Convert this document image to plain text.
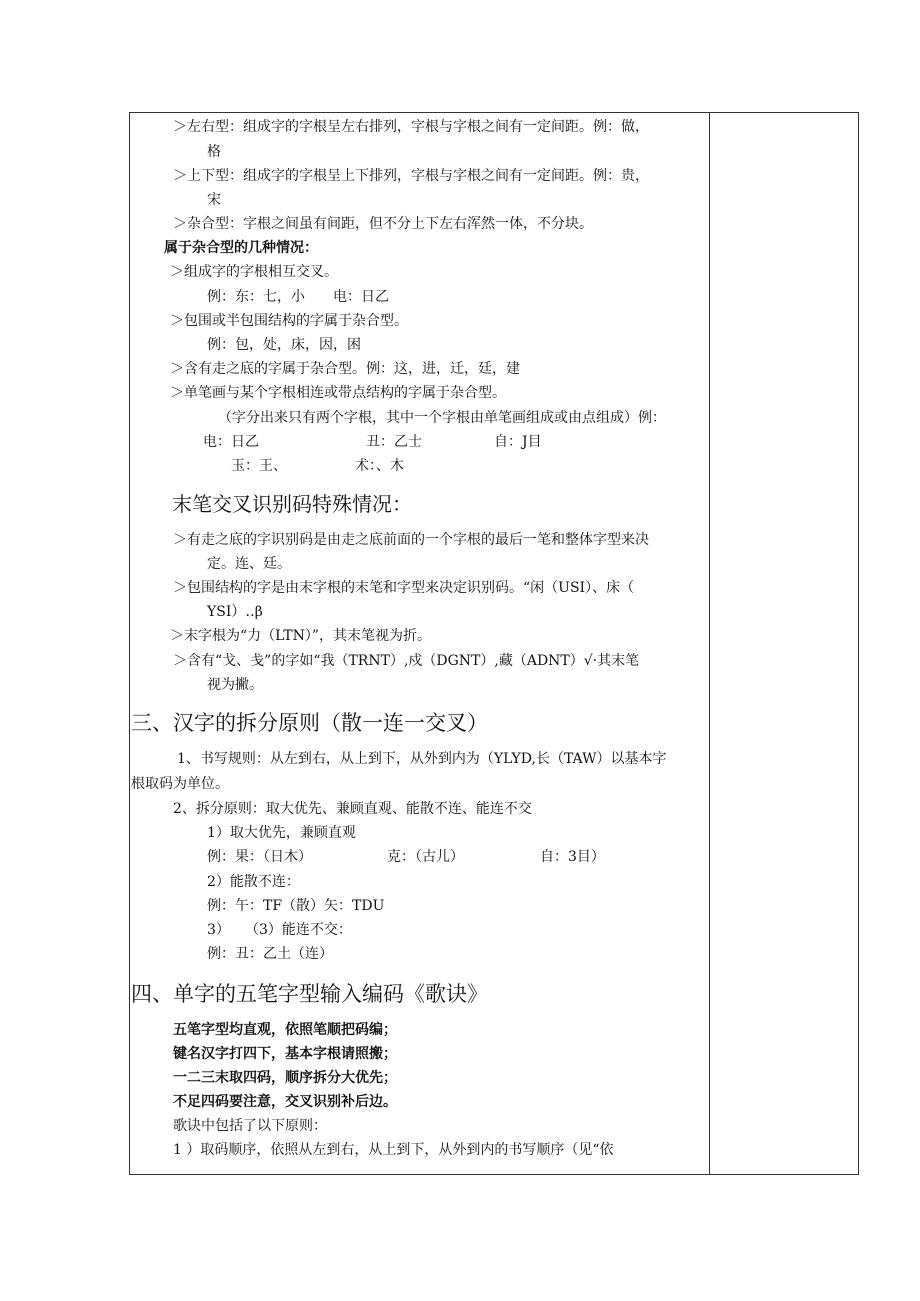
＞左右型：组成字的字根呈左右排列，字根与字根之间有一定间距。例：做，
格
＞上下型：组成字的字根呈上下排列，字根与字根之间有一定间距。例：贵，
宋
＞杂合型：字根之间虽有间距，但不分上下左右浑然一体，不分块。
属于杂合型的几种情况：
＞组成字的字根相互交叉。
例：东：七，小　　电：日乙
＞包围或半包围结构的字属于杂合型。
例：包，处，床，因，困
＞含有走之底的字属于杂合型。例：这，进，迁，廷，建
＞单笔画与某个字根相连或带点结构的字属于杂合型。
（字分出来只有两个字根，其中一个字根由单笔画组成或由点组成）例：
电：日乙	丑：乙士	自：J目
玉：王、	术：、木
末笔交叉识别码特殊情况：
＞有走之底的字识别码是由走之底前面的一个字根的最后一笔和整体字型来决
定。连、廷。
＞包围结构的字是由末字根的末笔和字型来决定识别码。“闲（USI）、床（
YSI）‥β
＞末字根为“力（LTN）”，其末笔视为折。
＞含有“戈、戋”的字如“我（TRNT）,戍（DGNT）,藏（ADNT）√·其末笔
视为撇。
三、汉字的拆分原则（散一连一交叉）
1、书写规则：从左到右，从上到下，从外到内为（YLYD,长（TAW）以基本字
根取码为单位。
2、拆分原则：取大优先、兼顾直观、能散不连、能连不交
1）取大优先，兼顾直观
例：果：（日木）	克：（古儿）	自：3目）
2）能散不连：
例：午：TF（散）矢：TDU
3） （3）能连不交：
例：丑：乙土（连）
四、单字的五笔字型输入编码《歌诀》
五笔字型均直观，依照笔顺把码编；
键名汉字打四下，基本字根请照搬；
一二三末取四码，顺序拆分大优先；
不足四码要注意，交叉识别补后边。
歌诀中包括了以下原则：
1 ）取码顺序，依照从左到右，从上到下，从外到内的书写顺序（见“依
